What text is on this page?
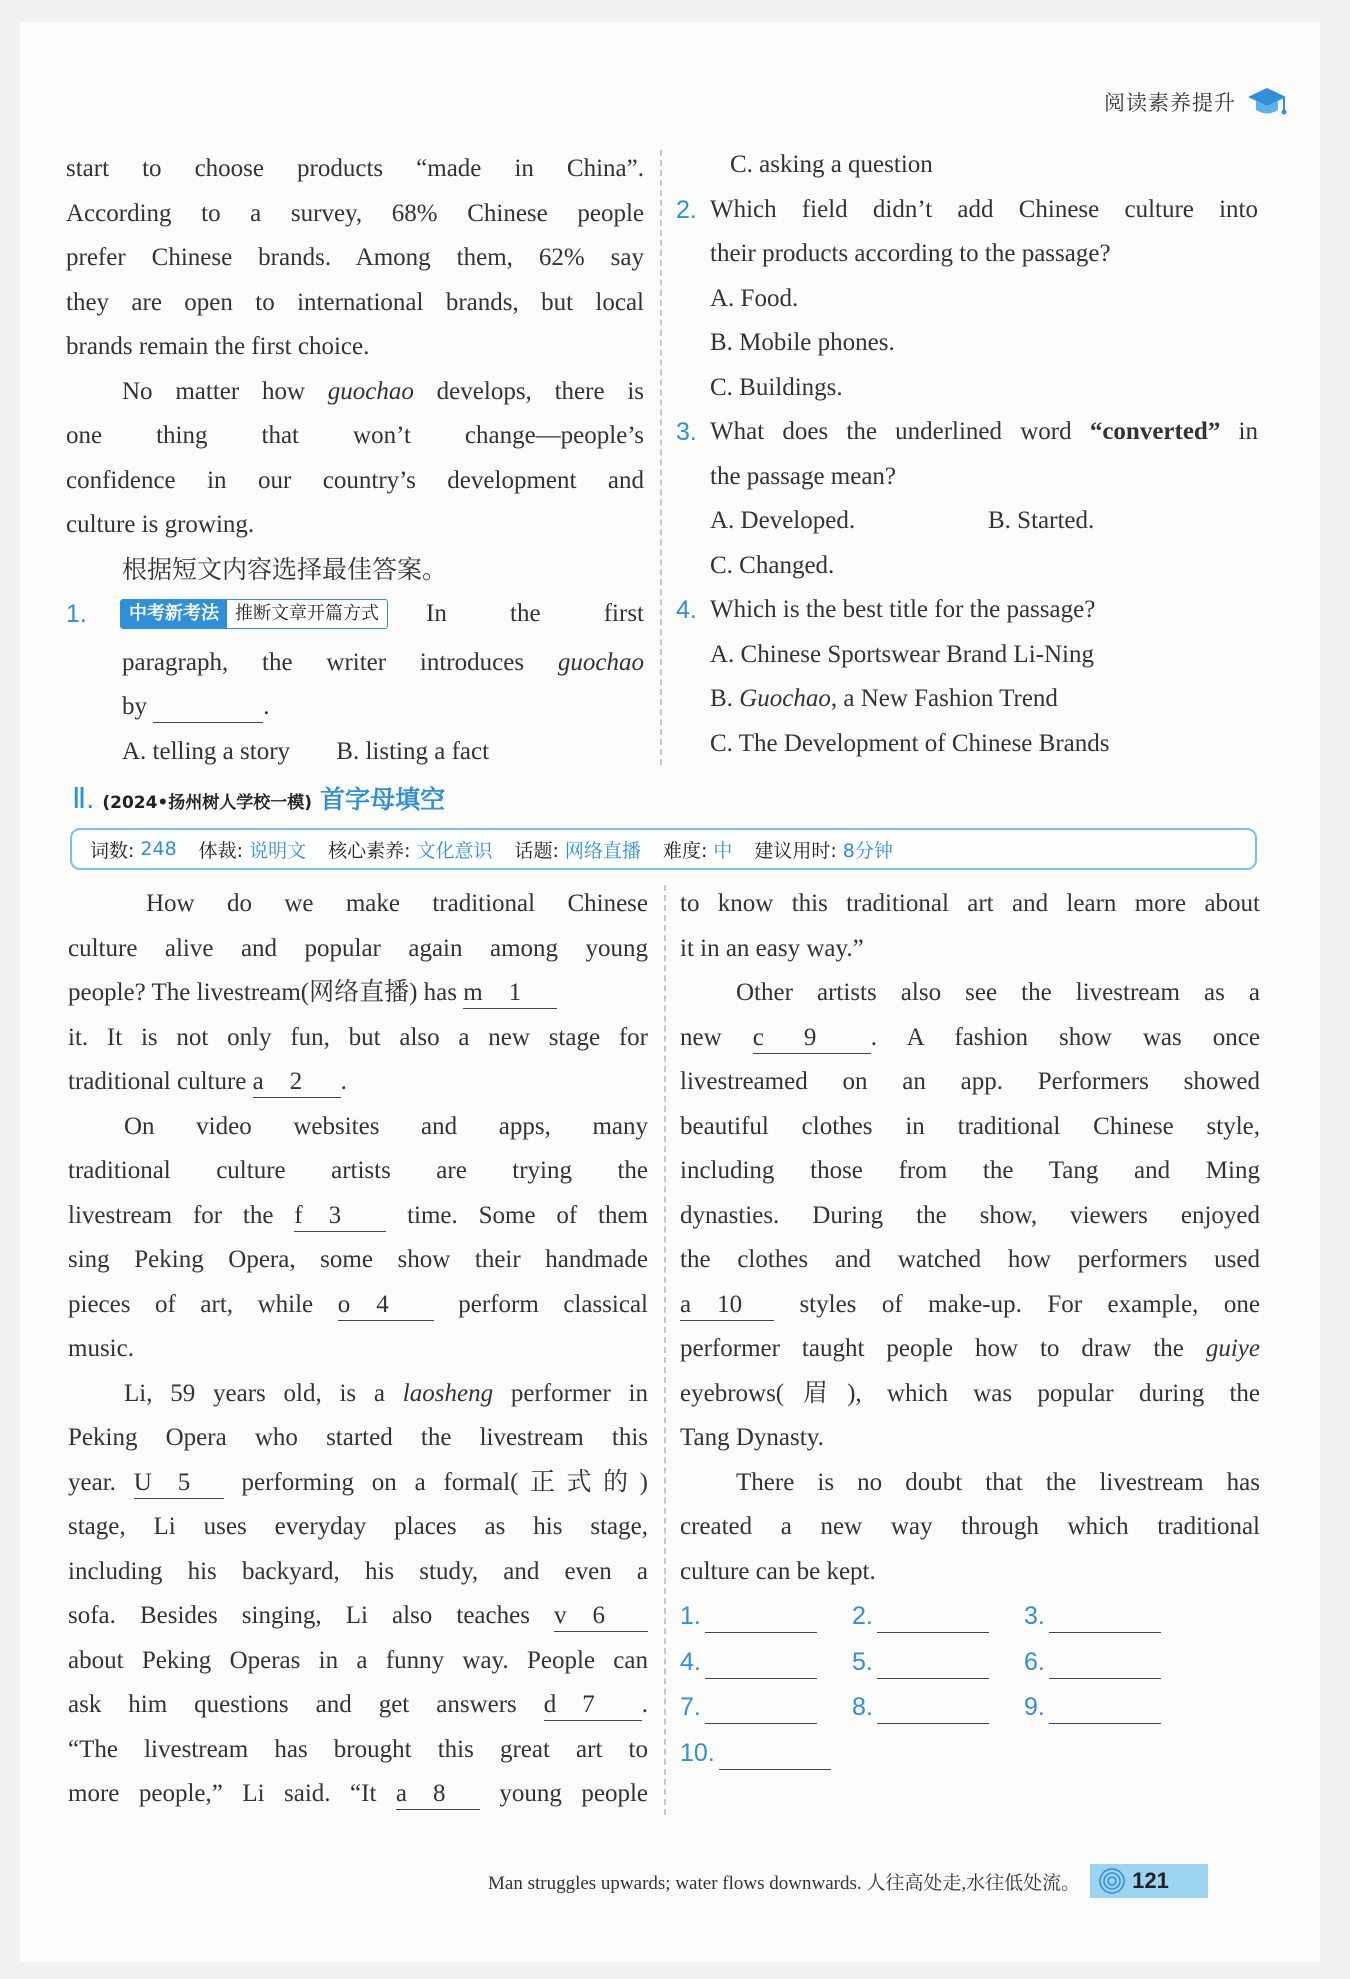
阅读素养提升
start to choose products “made in China”.
According to a survey, 68% Chinese people
prefer Chinese brands. Among them, 62% say
they are open to international brands, but local
brands remain the first choice.
No matter how guochao develops, there is
one thing that won’t change—people’s
confidence in our country’s development and
culture is growing.
根据短文内容选择最佳答案。
1.	中考新考法 推断文章开篇方式	In the first
paragraph, the writer introduces guochao
by	.
A. telling a story B. listing a fact
C. asking a question
2. Which field didn’t add Chinese culture into
their products according to the passage?
A. Food.
B. Mobile phones.
C. Buildings.
3. What does the underlined word “converted” in
the passage mean?
A. Developed.	B. Started.
C. Changed.
4. Which is the best title for the passage?
A. Chinese Sportswear Brand Li-Ning
B. Guochao, a New Fashion Trend
C. The Development of Chinese Brands
Ⅱ. (2024•扬州树人学校一模) 首字母填空
词数: 248 体裁: 说明文 核心素养: 文化意识 话题: 网络直播 难度: 中 建议用时: 8分钟
How do we make traditional Chinese
culture alive and popular again among young
people? The livestream(网络直播) has m 1
it. It is not only fun, but also a new stage for
traditional culture a 2 .
On video websites and apps, many
traditional culture artists are trying the
livestream for the f 3 time. Some of them
sing Peking Opera, some show their handmade
pieces of art, while o 4 perform classical
music.
Li, 59 years old, is a laosheng performer in
Peking Opera who started the livestream this
year. U 5 performing on a formal(正式的)
stage, Li uses everyday places as his stage,
including his backyard, his study, and even a
sofa. Besides singing, Li also teaches v 6
about Peking Operas in a funny way. People can
ask him questions and get answers d 7 .
“The livestream has brought this great art to
more people,” Li said. “It a 8 young people
to know this traditional art and learn more about
it in an easy way.”
Other artists also see the livestream as a
new c 9 . A fashion show was once
livestreamed on an app. Performers showed
beautiful clothes in traditional Chinese style,
including those from the Tang and Ming
dynasties. During the show, viewers enjoyed
the clothes and watched how performers used
a 10 styles of make-up. For example, one
performer taught people how to draw the guiye
eyebrows(眉), which was popular during the
Tang Dynasty.
There is no doubt that the livestream has
created a new way through which traditional
culture can be kept.
1.	2.	3.
4.	5.	6.
7.	8.	9.
10.
Man struggles upwards; water flows downwards. 人往高处走,水往低处流。 121
